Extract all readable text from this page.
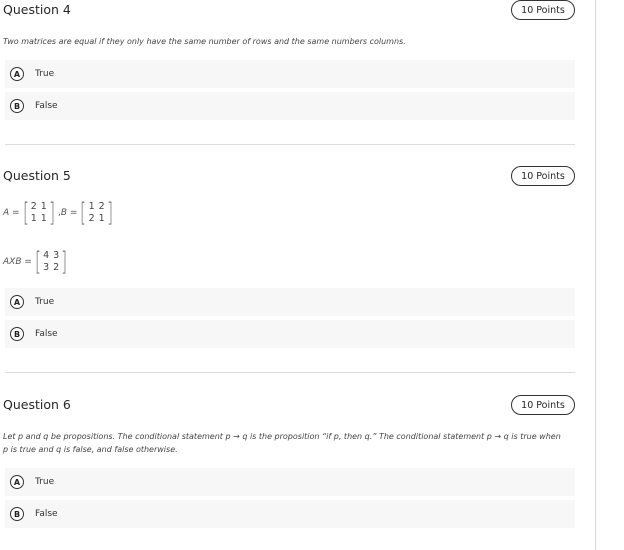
Question 4	10 Points
Two matrices are equal if they only have the same number of rows and the same numbers columns.
A	True
B	False
Question 5	10 Points
A = [ 2 1
1 1 ] , B = [ 1 2
2 1 ]
AXB = [ 4 3
3 2 ]
A	True
B	False
Question 6	10 Points
Let p and q be propositions. The conditional statement p → q is the proposition “if p, then q.” The conditional statement p → q is true when
p is true and q is false, and false otherwise.
A	True
B	False
